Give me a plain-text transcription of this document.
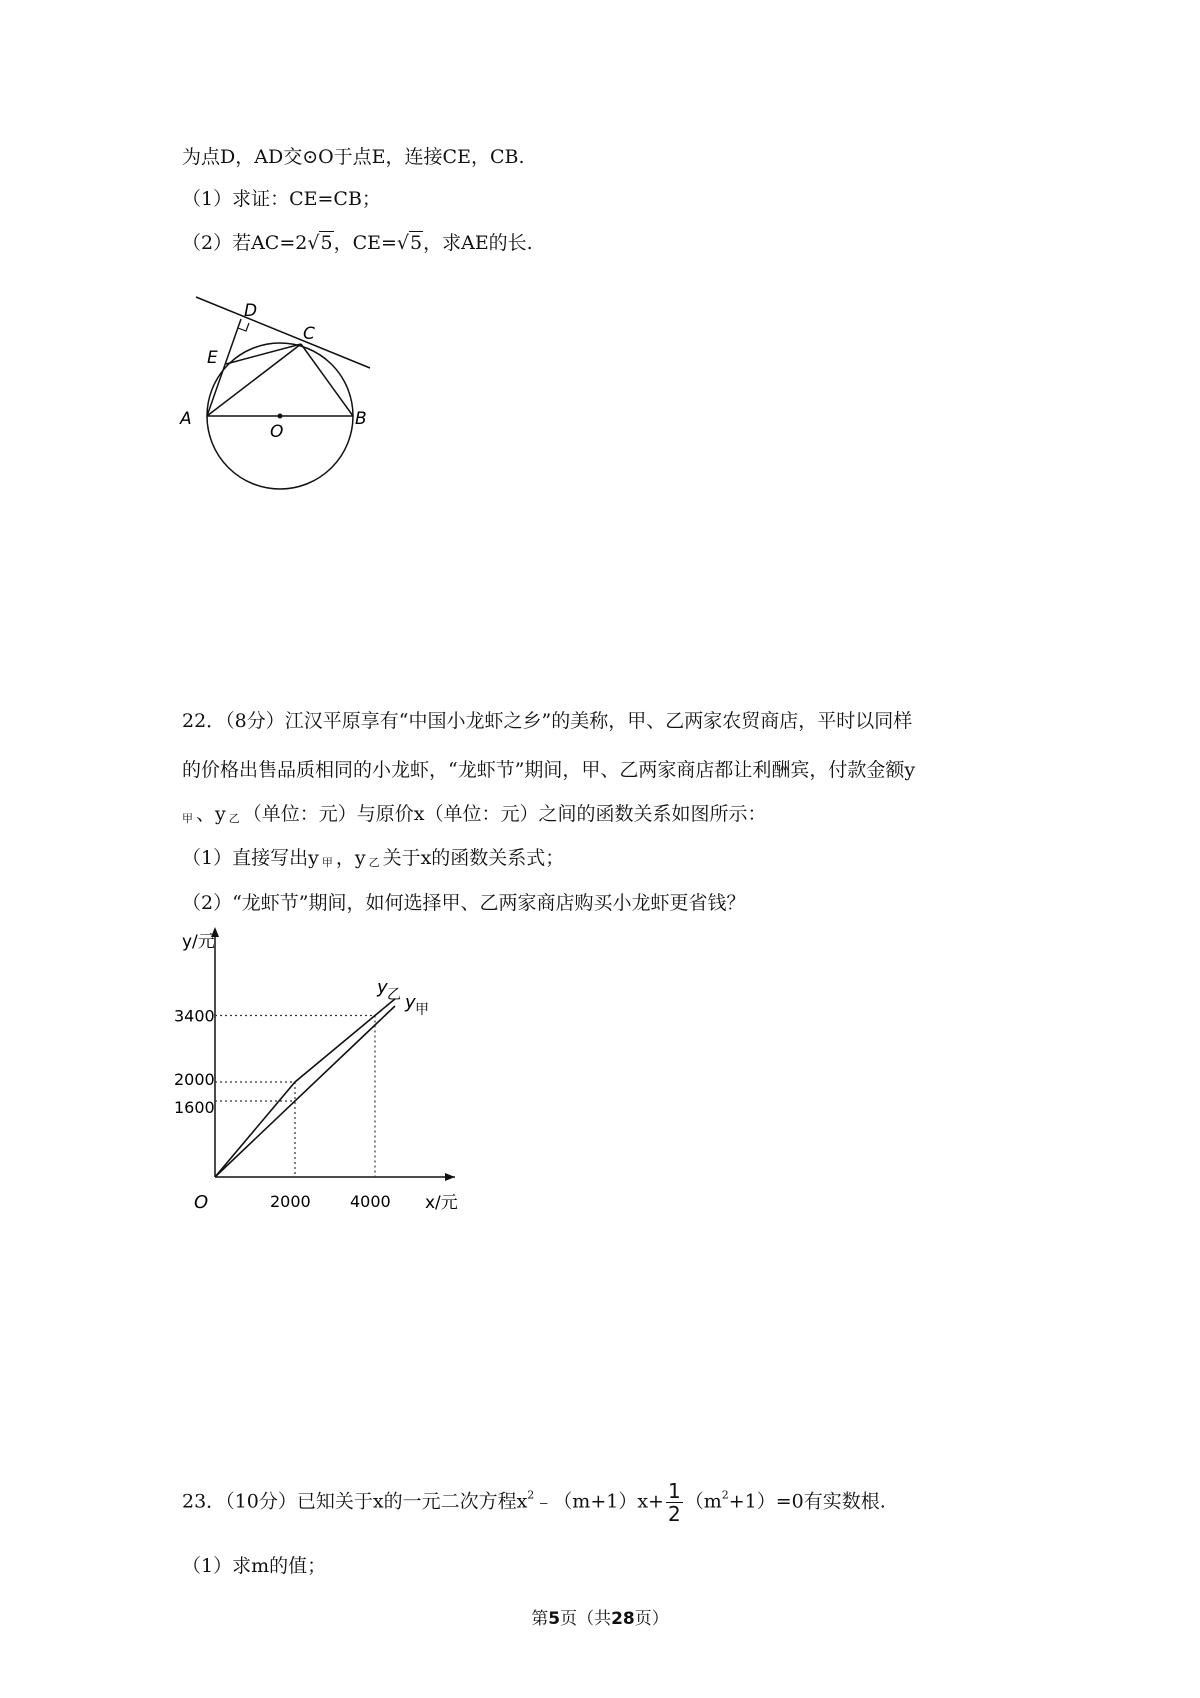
为点D，AD交⊙O于点E，连接CE，CB.
（1）求证：CE=CB；
（2）若AC=2√5，CE=√5，求AE的长.
D
E
C
A
O
B
22．（8分）江汉平原享有“中国小龙虾之乡”的美称，甲、乙两家农贸商店，平时以同样
的价格出售品质相同的小龙虾，“龙虾节”期间，甲、乙两家商店都让利酬宾，付款金额y
甲 、y 乙 （单位：元）与原价x（单位：元）之间的函数关系如图所示：
（1）直接写出y 甲 ，y 乙 关于x的函数关系式；
（2）“龙虾节”期间，如何选择甲、乙两家商店购买小龙虾更省钱？
y/元
x/元
O
3400
2000
1600
2000 4000
y 乙 y 甲
23．（10分）已知关于x的一元二次方程$x^2﹣(m+1)x+ \frac{1}{2} (m^2+1)=0$有实数根.
（1）求m的值；
第5页（共28页）
